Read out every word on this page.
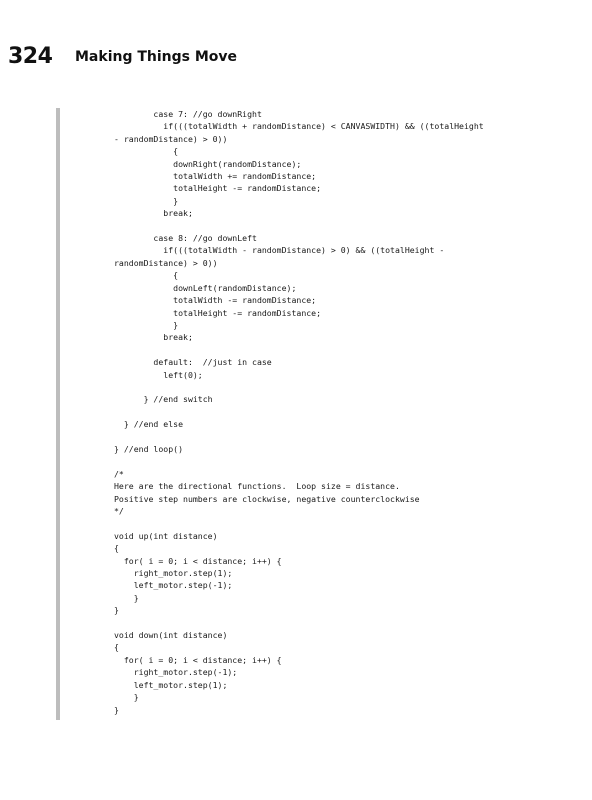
324 Making Things Move
case 7: //go downRight
if(((totalWidth + randomDistance) < CANVASWIDTH) && ((totalHeight
- randomDistance) > 0))
{
downRight(randomDistance);
totalWidth += randomDistance;
totalHeight -= randomDistance;
}
break;

case 8: //go downLeft
if(((totalWidth - randomDistance) > 0) && ((totalHeight -
randomDistance) > 0))
{
downLeft(randomDistance);
totalWidth -= randomDistance;
totalHeight -= randomDistance;
}
break;

default:  //just in case
left(0);

} //end switch

} //end else

} //end loop()

/*
Here are the directional functions.  Loop size = distance.
Positive step numbers are clockwise, negative counterclockwise
*/

void up(int distance)
{
for( i = 0; i < distance; i++) {
right_motor.step(1);
left_motor.step(-1);
}
}

void down(int distance)
{
for( i = 0; i < distance; i++) {
right_motor.step(-1);
left_motor.step(1);
}
}
